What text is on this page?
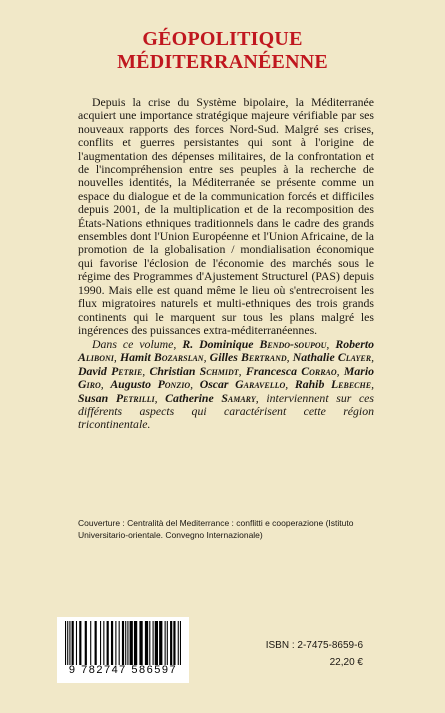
GÉOPOLITIQUE
MÉDITERRANÉENNE

Depuis la crise du Système bipolaire, la Méditerranée acquiert une importance stratégique majeure vérifiable par ses nouveaux rapports des forces Nord-Sud. Malgré ses crises, conflits et guerres persistantes qui sont à l'origine de l'augmentation des dépenses militaires, de la confrontation et de l'incompréhension entre ses peuples à la recherche de nouvelles identités, la Méditerranée se présente comme un espace du dialogue et de la communication forcés et difficiles depuis 2001, de la multiplication et de la recomposition des États-Nations ethniques traditionnels dans le cadre des grands ensembles dont l'Union Européenne et l'Union Africaine, de la promotion de la globalisation / mondialisation économique qui favorise l'éclosion de l'économie des marchés sous le régime des Programmes d'Ajustement Structurel (PAS) depuis 1990. Mais elle est quand même le lieu où s'entrecroisent les flux migratoires naturels et multi-ethniques des trois grands continents qui le marquent sur tous les plans malgré les ingérences des puissances extra-méditerranéennes.

Dans ce volume, R. Dominique Bendo-soupou, Roberto Aliboni, Hamit Bozarslan, Gilles Bertrand, Nathalie Clayer, David Petrie, Christian Schmidt, Francesca Corrao, Mario Giro, Augusto Ponzio, Oscar Garavello, Rahib Lebeche, Susan Petrilli, Catherine Samary, interviennent sur ces différents aspects qui caractérisent cette région tricontinentale.

Couverture : Centralità del Mediterrance : conflitti e cooperazione (Istituto Universitario-orientale. Convegno Internazionale)

9 782747 586597
ISBN : 2-7475-8659-6
22,20 €
